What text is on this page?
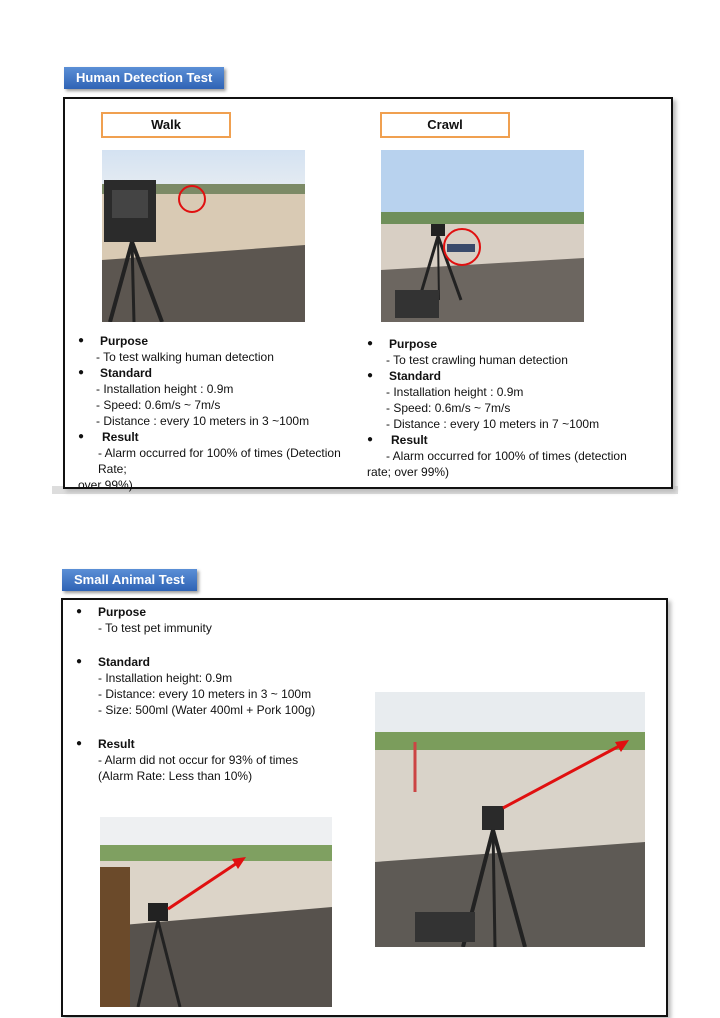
Human Detection Test
Walk	Crawl
● Purpose
- To test walking human detection
● Standard
- Installation height : 0.9m
- Speed: 0.6m/s ~ 7m/s
- Distance : every 10 meters in 3 ~100m
● Result
- Alarm occurred for 100% of times (Detection Rate;
over 99%)
● Purpose
- To test crawling human detection
● Standard
- Installation height : 0.9m
- Speed: 0.6m/s ~ 7m/s
- Distance : every 10 meters in 7 ~100m
● Result
- Alarm occurred for 100% of times (detection
rate; over 99%)
Small Animal Test
● Purpose
- To test pet immunity
● Standard
- Installation height: 0.9m
- Distance: every 10 meters in 3 ~ 100m
- Size: 500ml (Water 400ml + Pork 100g)
● Result
- Alarm did not occur for 93% of times
(Alarm Rate: Less than 10%)
